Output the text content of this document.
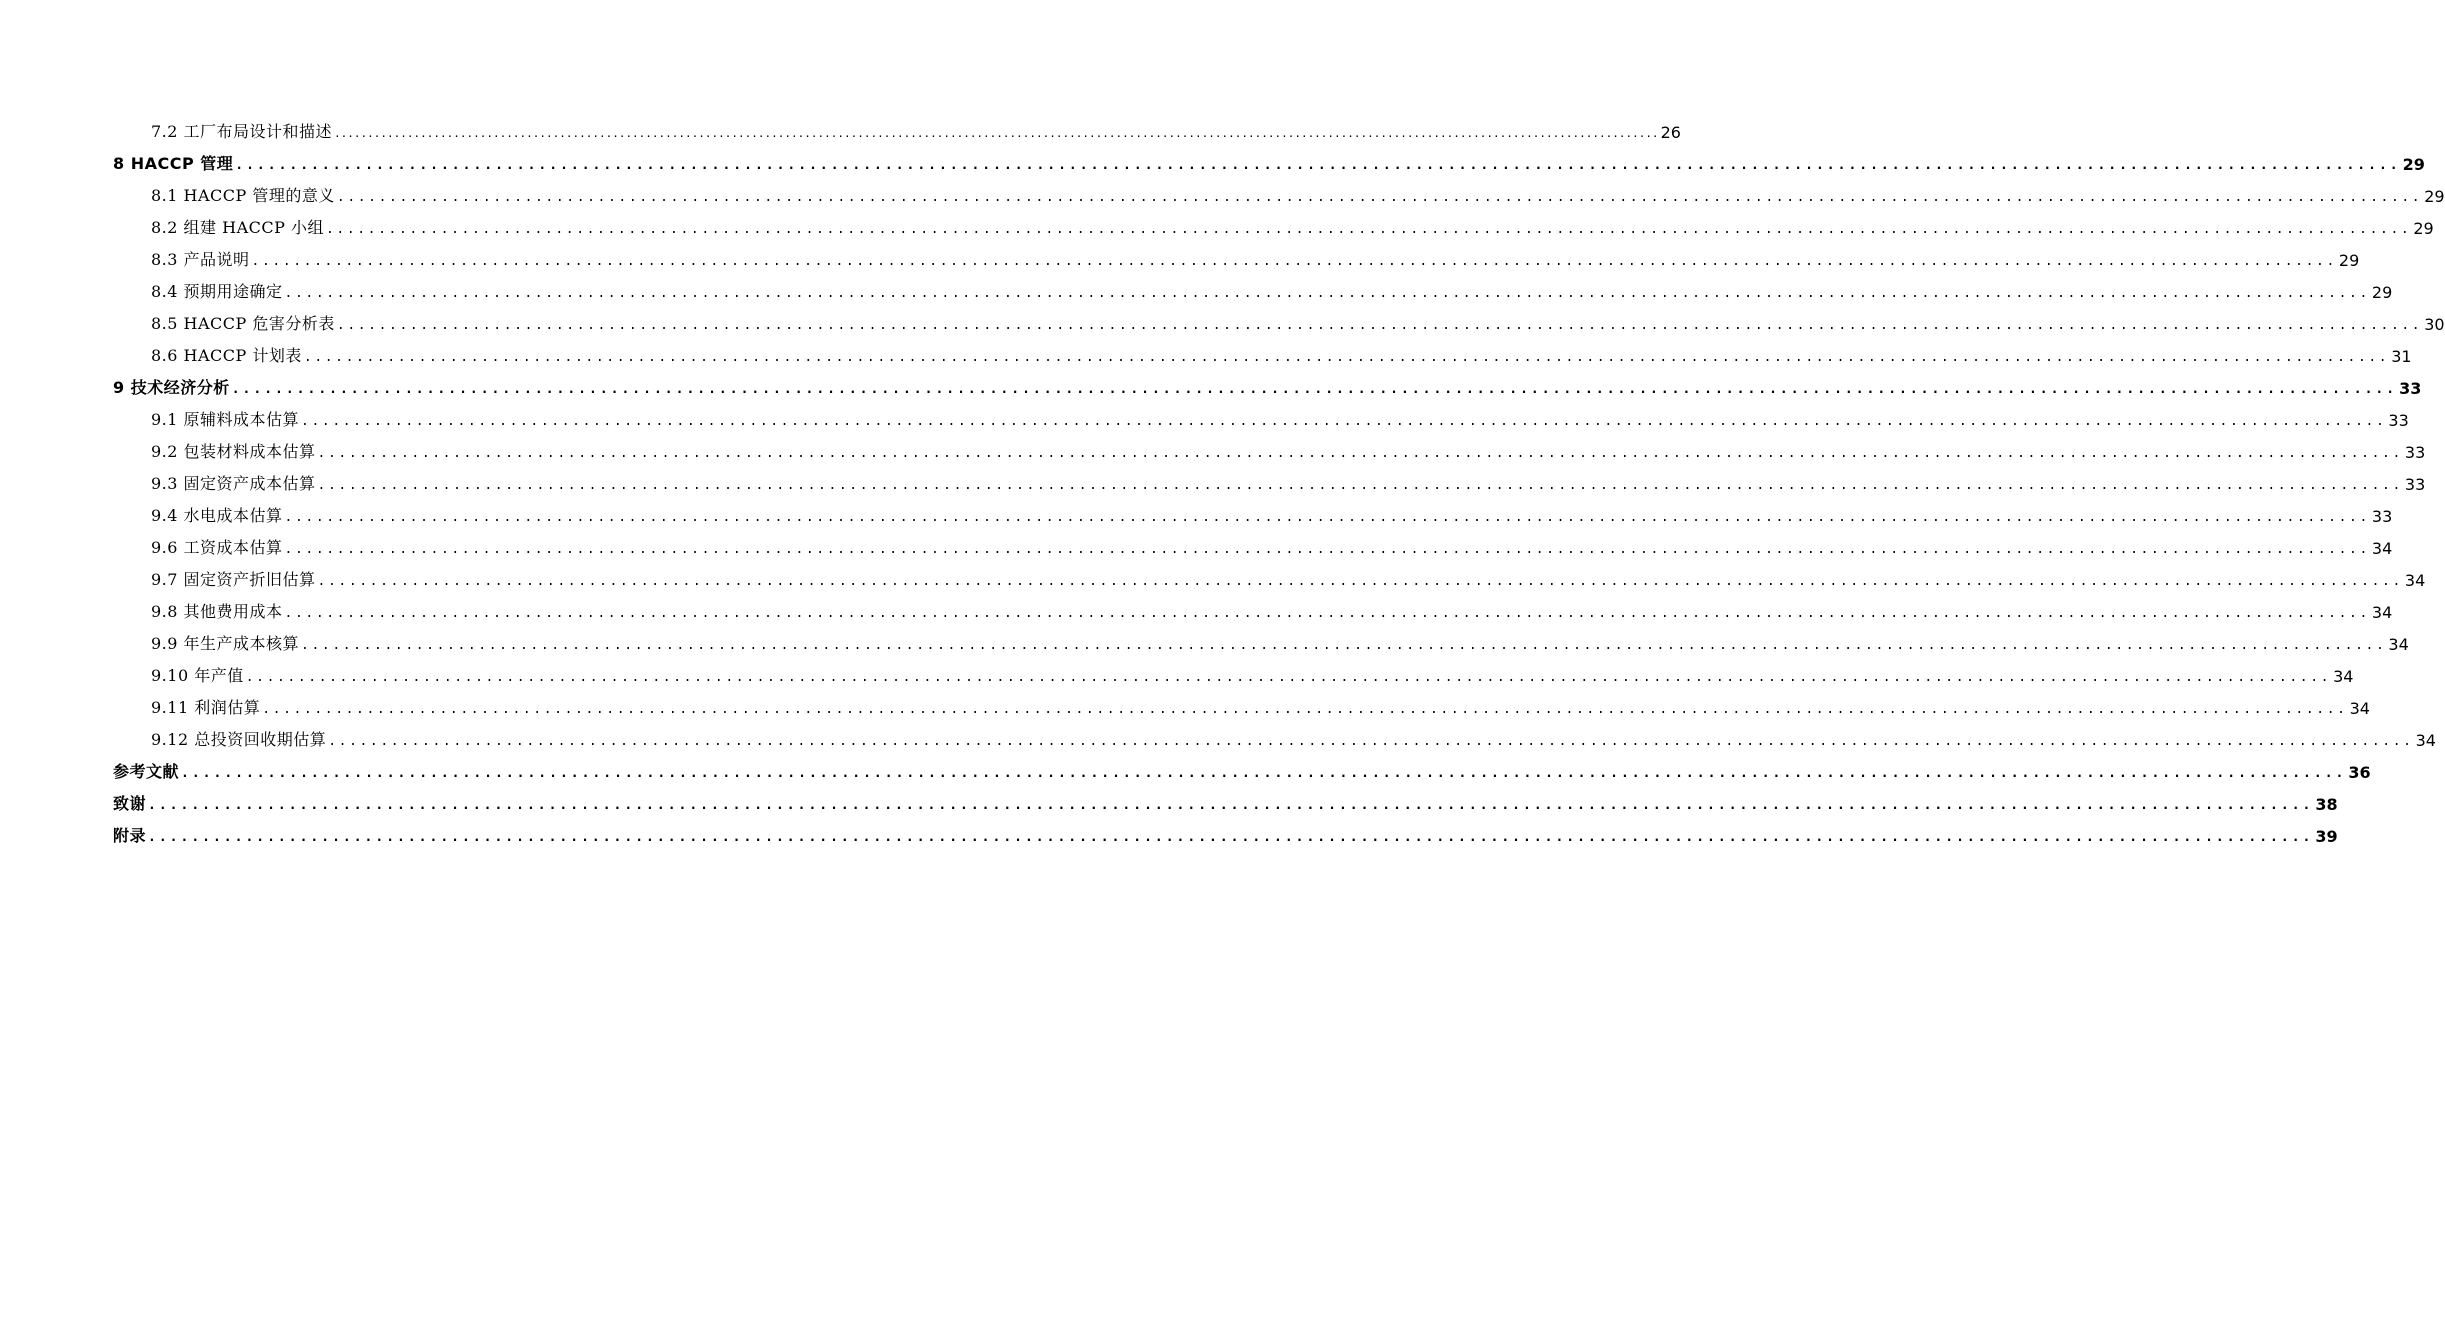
7.2 工厂布局设计和描述 ........................................................................................................................................................................................................ 26
8 HACCP 管理 ........................................................................................................................................................................................................ 29
8.1 HACCP 管理的意义 ........................................................................................................................................................................................................ 29
8.2 组建 HACCP 小组 ........................................................................................................................................................................................................ 29
8.3 产品说明 ........................................................................................................................................................................................................ 29
8.4 预期用途确定 ........................................................................................................................................................................................................ 29
8.5 HACCP 危害分析表 ........................................................................................................................................................................................................ 30
8.6 HACCP 计划表 ........................................................................................................................................................................................................ 31
9 技术经济分析 ........................................................................................................................................................................................................ 33
9.1 原辅料成本估算 ........................................................................................................................................................................................................ 33
9.2 包装材料成本估算 ........................................................................................................................................................................................................ 33
9.3 固定资产成本估算 ........................................................................................................................................................................................................ 33
9.4 水电成本估算 ........................................................................................................................................................................................................ 33
9.6 工资成本估算 ........................................................................................................................................................................................................ 34
9.7 固定资产折旧估算 ........................................................................................................................................................................................................ 34
9.8 其他费用成本 ........................................................................................................................................................................................................ 34
9.9 年生产成本核算 ........................................................................................................................................................................................................ 34
9.10 年产值 ........................................................................................................................................................................................................ 34
9.11 利润估算 ........................................................................................................................................................................................................ 34
9.12 总投资回收期估算 ........................................................................................................................................................................................................ 34
参考文献 ........................................................................................................................................................................................................ 36
致谢 ........................................................................................................................................................................................................ 38
附录 ........................................................................................................................................................................................................ 39
